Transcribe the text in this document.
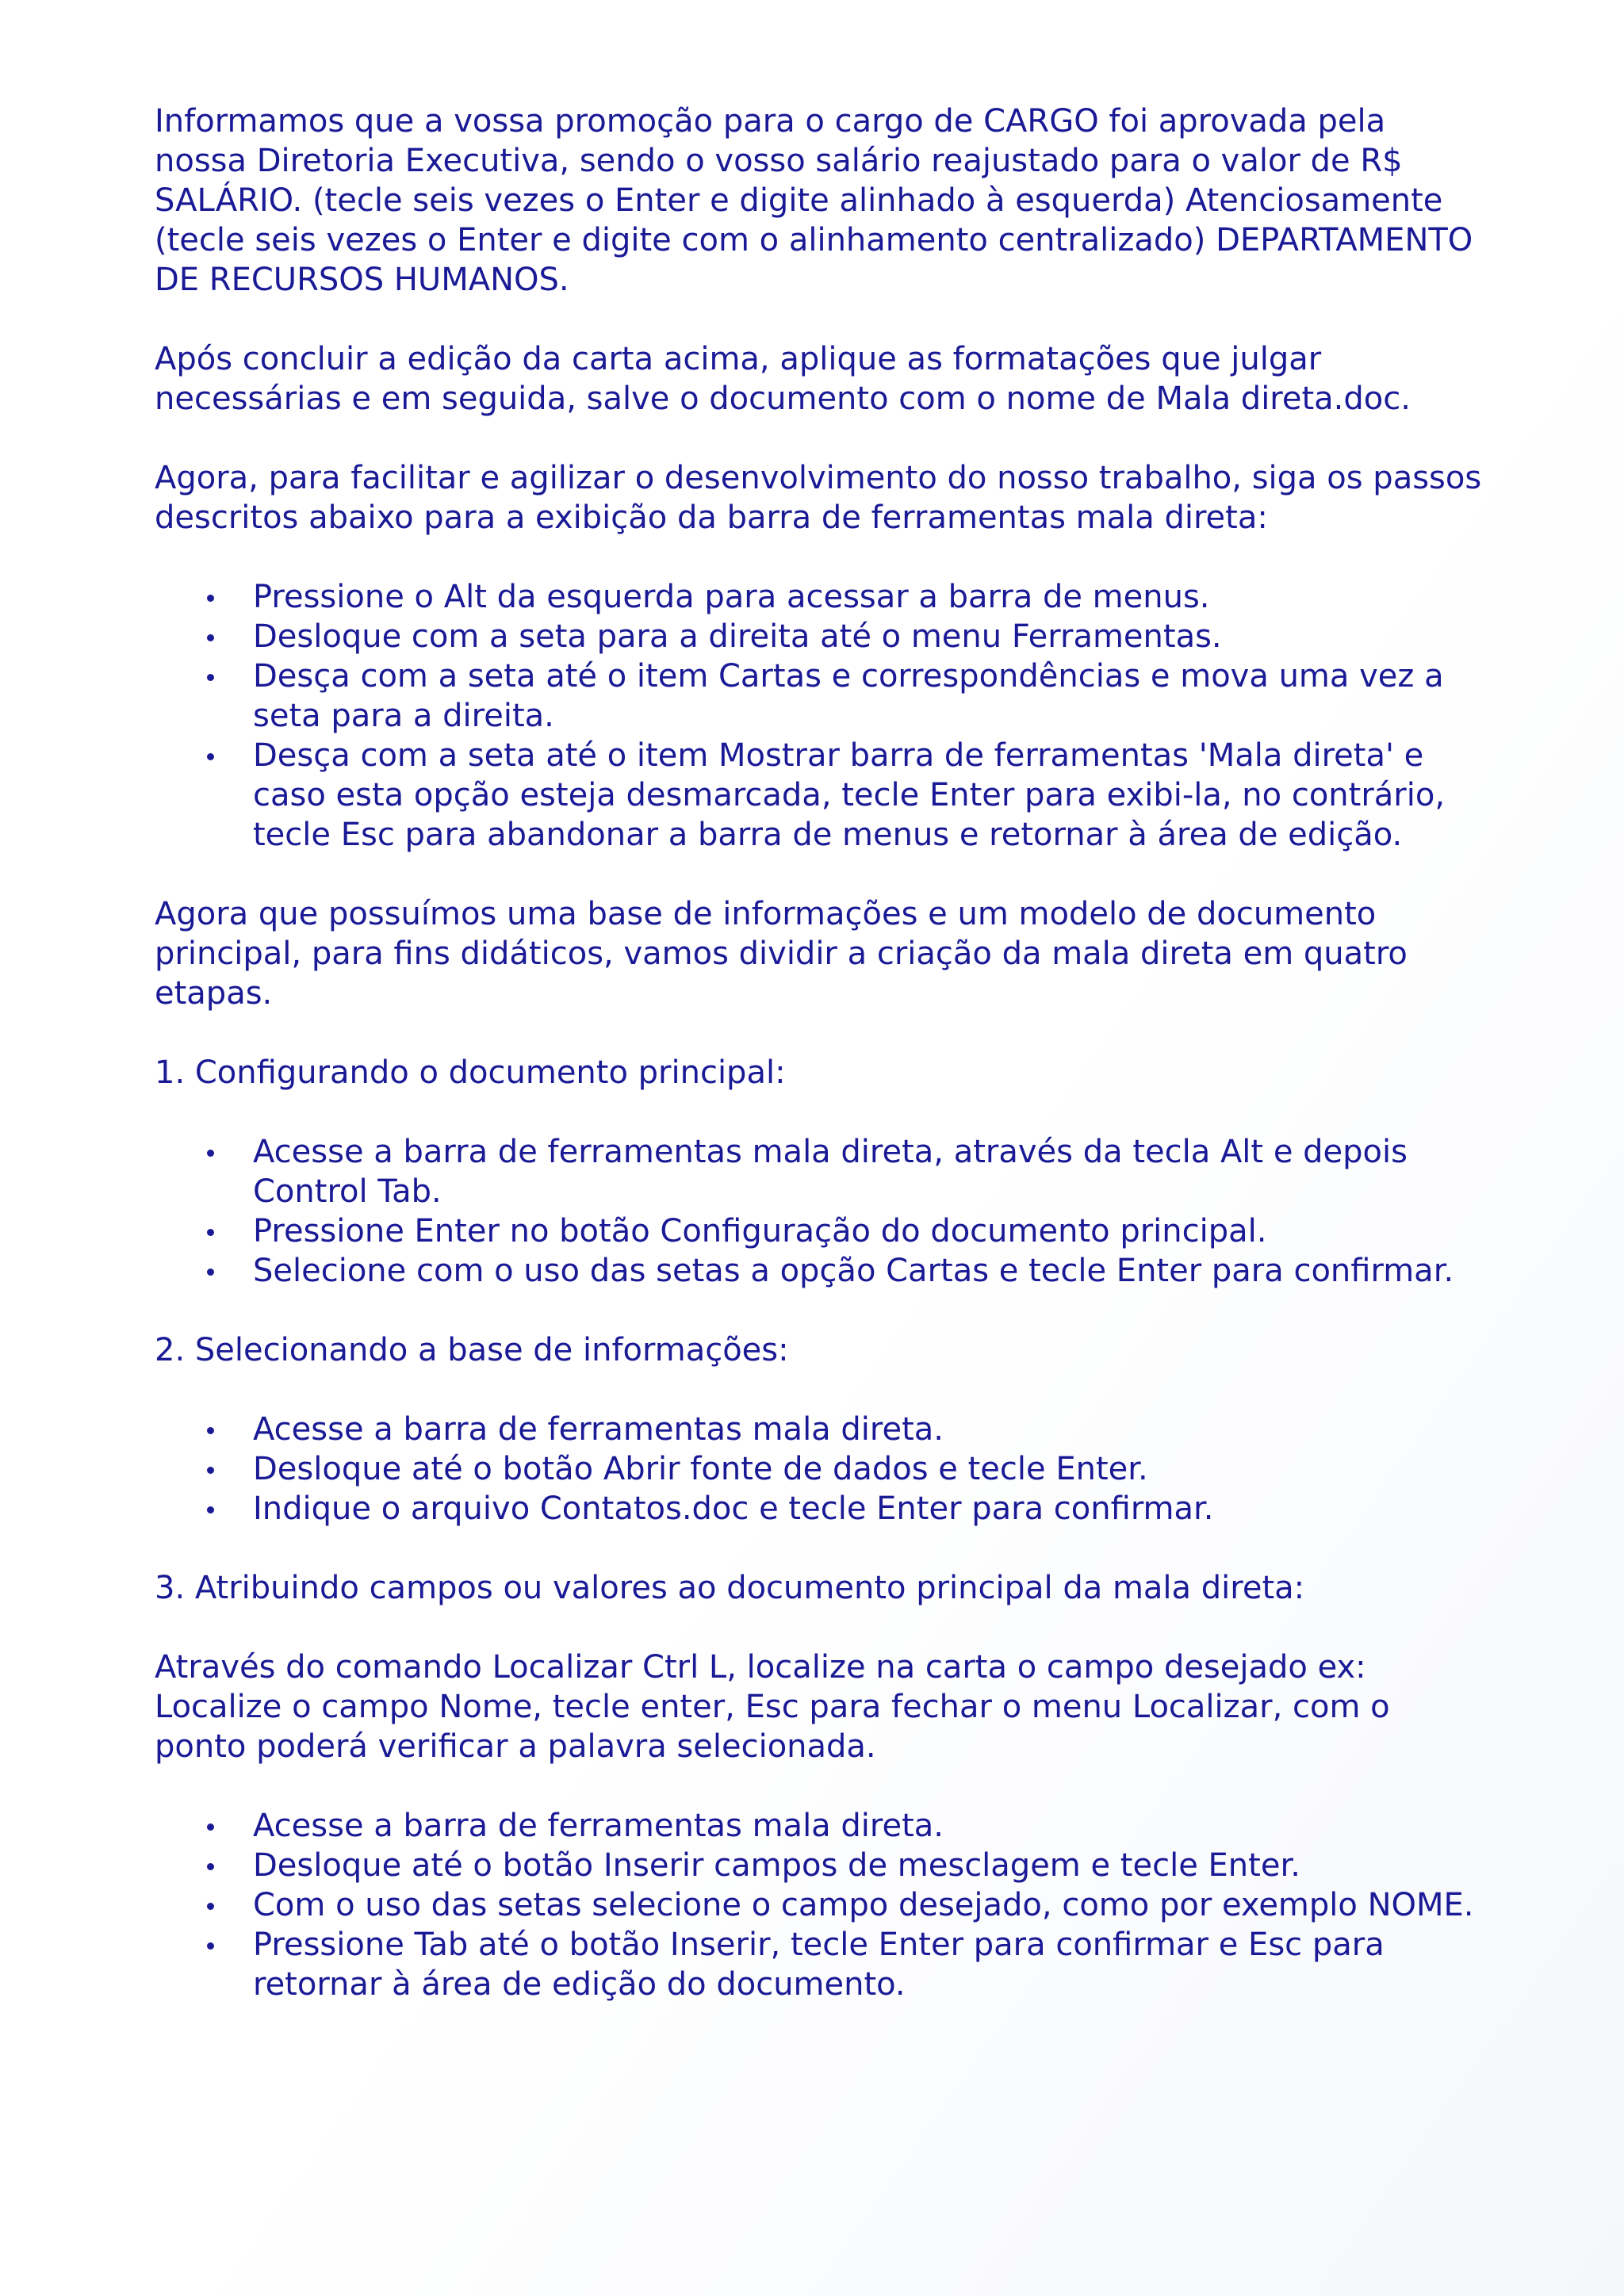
Informamos que a vossa promoção para o cargo de CARGO foi aprovada pela nossa Diretoria Executiva, sendo o vosso salário reajustado para o valor de R$ SALÁRIO. (tecle seis vezes o Enter e digite alinhado à esquerda) Atenciosamente (tecle seis vezes o Enter e digite com o alinhamento centralizado) DEPARTAMENTO DE RECURSOS HUMANOS.

Após concluir a edição da carta acima, aplique as formatações que julgar necessárias e em seguida, salve o documento com o nome de Mala direta.doc.

Agora, para facilitar e agilizar o desenvolvimento do nosso trabalho, siga os passos descritos abaixo para a exibição da barra de ferramentas mala direta:

Pressione o Alt da esquerda para acessar a barra de menus.
Desloque com a seta para a direita até o menu Ferramentas.
Desça com a seta até o item Cartas e correspondências e mova uma vez a seta para a direita.
Desça com a seta até o item Mostrar barra de ferramentas 'Mala direta' e caso esta opção esteja desmarcada, tecle Enter para exibi-la, no contrário, tecle Esc para abandonar a barra de menus e retornar à área de edição.

Agora que possuímos uma base de informações e um modelo de documento principal, para fins didáticos, vamos dividir a criação da mala direta em quatro etapas.

1. Configurando o documento principal:

Acesse a barra de ferramentas mala direta, através da tecla Alt e depois Control Tab.
Pressione Enter no botão Configuração do documento principal.
Selecione com o uso das setas a opção Cartas e tecle Enter para confirmar.

2. Selecionando a base de informações:

Acesse a barra de ferramentas mala direta.
Desloque até o botão Abrir fonte de dados e tecle Enter.
Indique o arquivo Contatos.doc e tecle Enter para confirmar.

3. Atribuindo campos ou valores ao documento principal da mala direta:

Através do comando Localizar Ctrl L, localize na carta o campo desejado ex: Localize o campo Nome, tecle enter, Esc para fechar o menu Localizar, com o ponto poderá verificar a palavra selecionada.

Acesse a barra de ferramentas mala direta.
Desloque até o botão Inserir campos de mesclagem e tecle Enter.
Com o uso das setas selecione o campo desejado, como por exemplo NOME.
Pressione Tab até o botão Inserir, tecle Enter para confirmar e Esc para retornar à área de edição do documento.
